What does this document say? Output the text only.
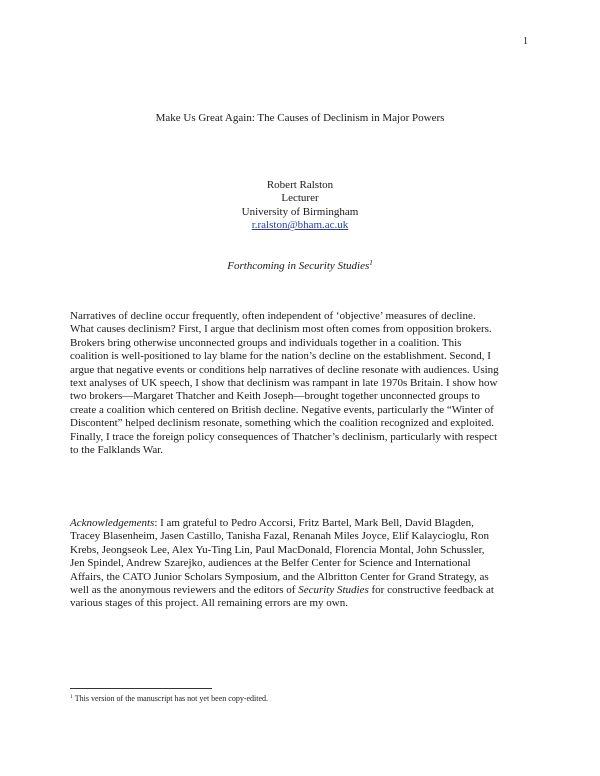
1
Make Us Great Again: The Causes of Declinism in Major Powers
Robert Ralston
Lecturer
University of Birmingham
r.ralston@bham.ac.uk
Forthcoming in Security Studies$^1$
Narratives of decline occur frequently, often independent of ‘objective’ measures of decline.
What causes declinism? First, I argue that declinism most often comes from opposition brokers.
Brokers bring otherwise unconnected groups and individuals together in a coalition. This
coalition is well-positioned to lay blame for the nation’s decline on the establishment. Second, I
argue that negative events or conditions help narratives of decline resonate with audiences. Using
text analyses of UK speech, I show that declinism was rampant in late 1970s Britain. I show how
two brokers—Margaret Thatcher and Keith Joseph—brought together unconnected groups to
create a coalition which centered on British decline. Negative events, particularly the “Winter of
Discontent” helped declinism resonate, something which the coalition recognized and exploited.
Finally, I trace the foreign policy consequences of Thatcher’s declinism, particularly with respect
to the Falklands War.
Acknowledgements: I am grateful to Pedro Accorsi, Fritz Bartel, Mark Bell, David Blagden,
Tracey Blasenheim, Jasen Castillo, Tanisha Fazal, Renanah Miles Joyce, Elif Kalaycioglu, Ron
Krebs, Jeongseok Lee, Alex Yu-Ting Lin, Paul MacDonald, Florencia Montal, John Schussler,
Jen Spindel, Andrew Szarejko, audiences at the Belfer Center for Science and International
Affairs, the CATO Junior Scholars Symposium, and the Albritton Center for Grand Strategy, as
well as the anonymous reviewers and the editors of Security Studies for constructive feedback at
various stages of this project. All remaining errors are my own.
$^1$ This version of the manuscript has not yet been copy-edited.
